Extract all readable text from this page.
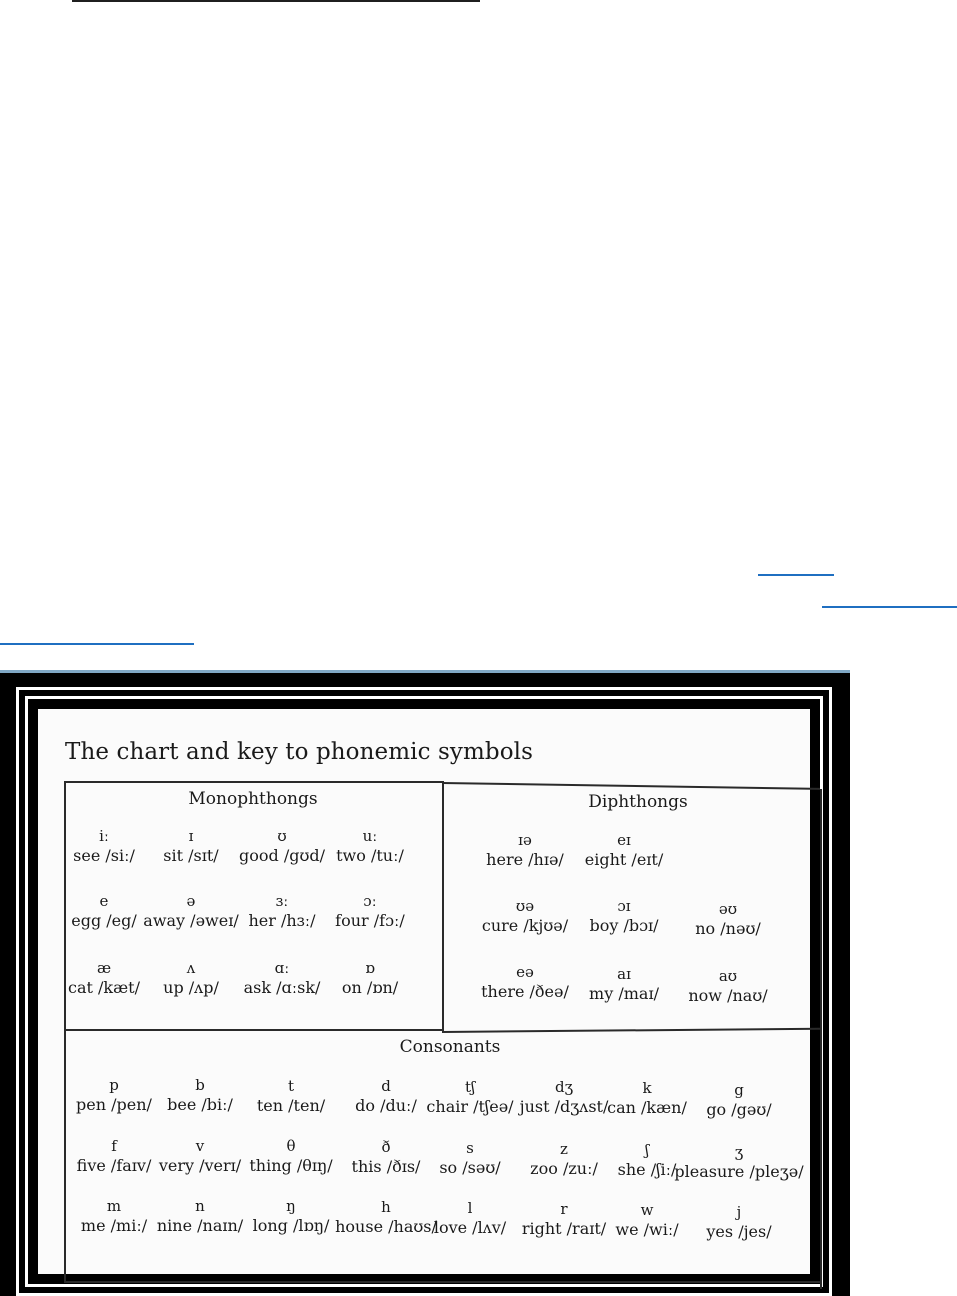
The chart and key to phonemic symbols
Monophthongs	Diphthongs
Consonants
iː
see /siː/
ɪ
sit /sɪt/
ʊ
good /gʊd/
uː
two /tuː/
e
egg /eg/
ə
away /əweɪ/
ɜː
her /hɜː/
ɔː
four /fɔː/
æ
cat /kæt/
ʌ
up /ʌp/
ɑː
ask /ɑːsk/
ɒ
on /ɒn/
ɪə
here /hɪə/
eɪ
eight /eɪt/
ʊə
cure /kjʊə/
ɔɪ
boy /bɔɪ/
əʊ
no /nəʊ/
eə
there /ðeə/
aɪ
my /maɪ/
aʊ
now /naʊ/
p
pen /pen/
b
bee /biː/
t
ten /ten/
d
do /duː/
tʃ
chair /tʃeə/
dʒ
just /dʒʌst/
k
can /kæn/
g
go /gəʊ/
f
five /faɪv/
v
very /verɪ/
θ
thing /θɪŋ/
ð
this /ðɪs/
s
so /səʊ/
z
zoo /zuː/
ʃ
she /ʃiː/
ʒ
pleasure /pleʒə/
m
me /miː/
n
nine /naɪn/
ŋ
long /lɒŋ/
h
house /haʊs/
l
love /lʌv/
r
right /raɪt/
w
we /wiː/
j
yes /jes/
